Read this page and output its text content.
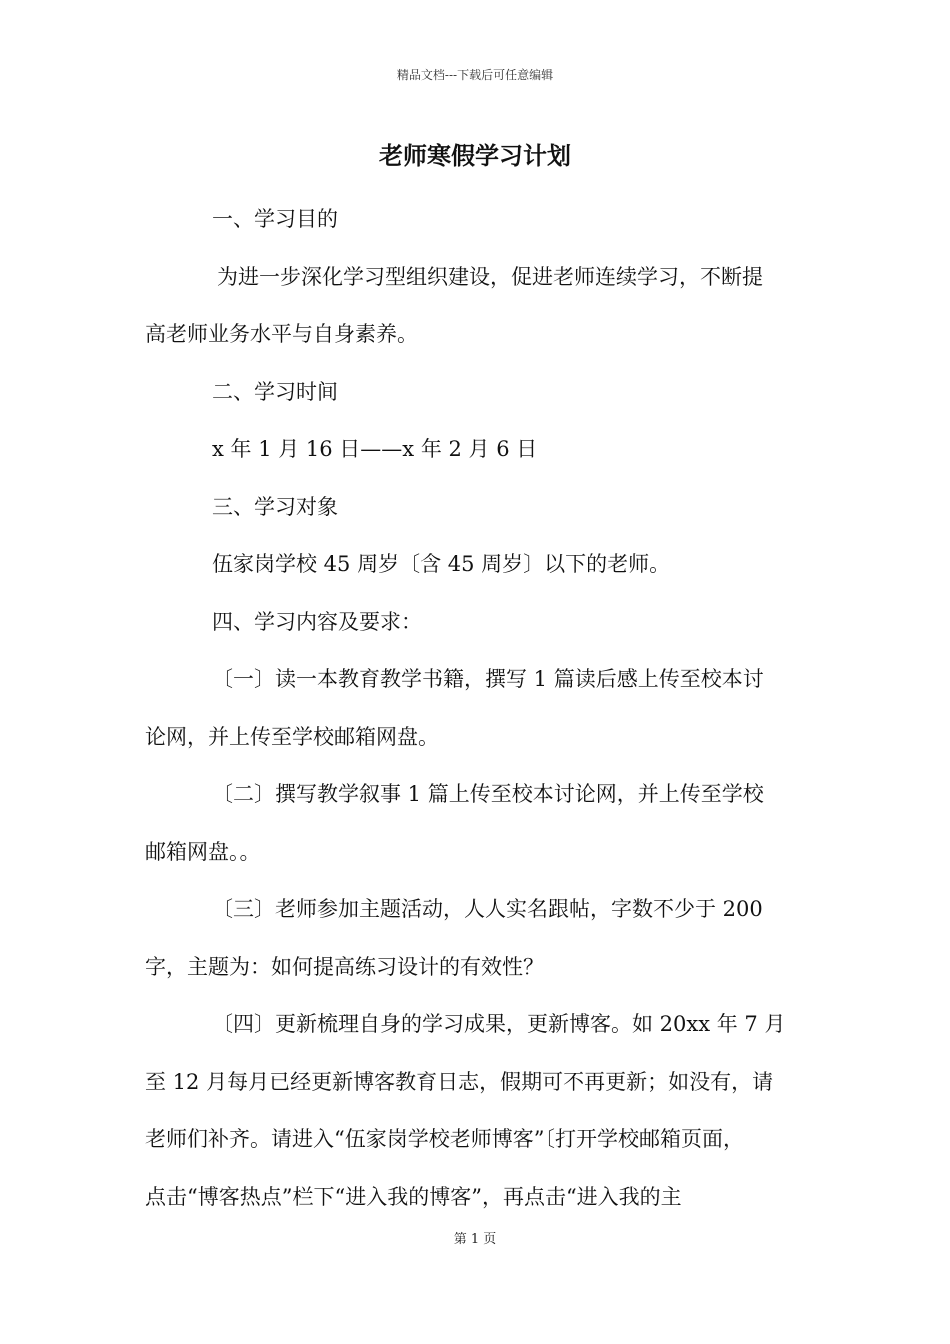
精品文档---下载后可任意编辑
老师寒假学习计划
一、学习目的
为进一步深化学习型组织建设，促进老师连续学习，不断提
高老师业务水平与自身素养。
二、学习时间
x 年 1 月 16 日——x 年 2 月 6 日
三、学习对象
伍家岗学校 45 周岁〔含 45 周岁〕以下的老师。
四、学习内容及要求：
〔一〕读一本教育教学书籍，撰写 1 篇读后感上传至校本讨
论网，并上传至学校邮箱网盘。
〔二〕撰写教学叙事 1 篇上传至校本讨论网，并上传至学校
邮箱网盘。。
〔三〕老师参加主题活动，人人实名跟帖，字数不少于 200
字，主题为：如何提高练习设计的有效性？
〔四〕更新梳理自身的学习成果，更新博客。如 20xx 年 7 月
至 12 月每月已经更新博客教育日志，假期可不再更新；如没有，请
老师们补齐。请进入“伍家岗学校老师博客”〔打开学校邮箱页面，
点击“博客热点”栏下“进入我的博客”，再点击“进入我的主
第 1 页
